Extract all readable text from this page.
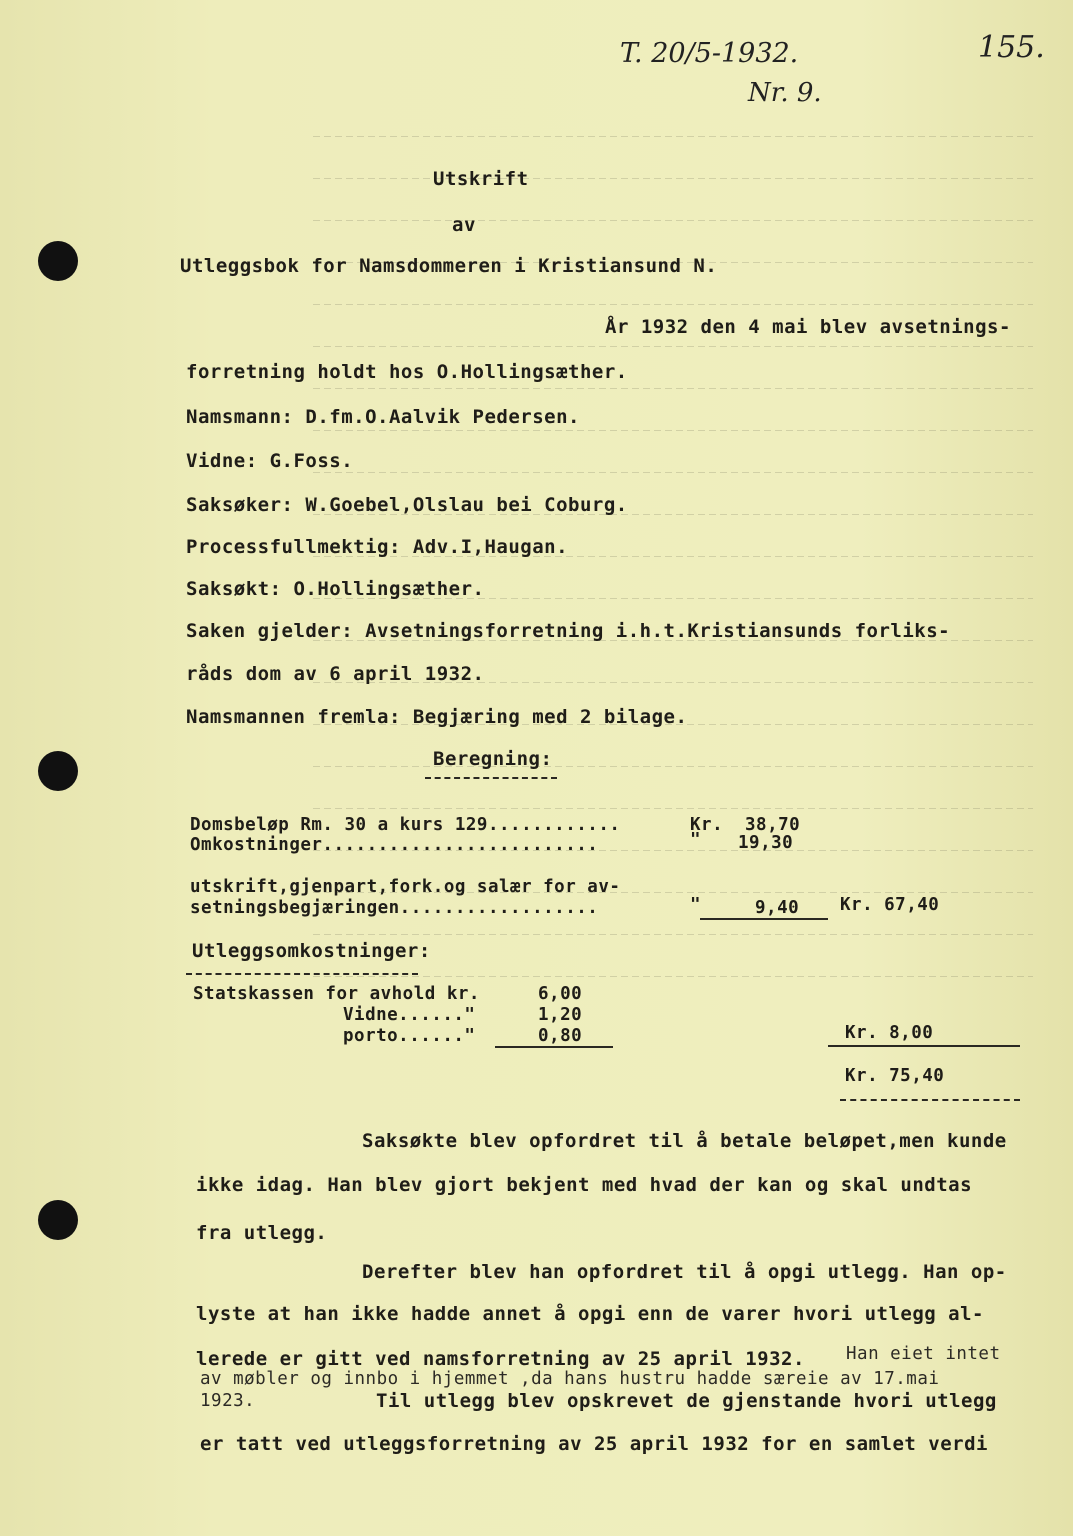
T. 20/5-1932.	155.
Nr. 9.
Utskrift
av
Utleggsbok for Namsdommeren i Kristiansund N.
År 1932 den 4 mai blev avsetnings-
forretning holdt hos O.Hollingsæther.
Namsmann: D.fm.O.Aalvik Pedersen.
Vidne: G.Foss.
Saksøker: W.Goebel,Olslau bei Coburg.
Processfullmektig: Adv.I,Haugan.
Saksøkt: O.Hollingsæther.
Saken gjelder: Avsetningsforretning i.h.t.Kristiansunds forliks-
råds dom av 6 april 1932.
Namsmannen fremla: Begjæring med 2 bilage.
Beregning:
Domsbeløp Rm. 30 a kurs 129............	Kr. 38,70
Omkostninger.........................	" 19,30
utskrift,gjenpart,fork.og salær for av-
setningsbegjæringen..................	"	9,40 Kr. 67,40
Utleggsomkostninger:
Statskassen for avhold kr.	6,00
Vidne......"	1,20
porto......"	0,80	Kr. 8,00
Kr. 75,40
Saksøkte blev opfordret til å betale beløpet,men kunde
ikke idag. Han blev gjort bekjent med hvad der kan og skal undtas
fra utlegg.
Derefter blev han opfordret til å opgi utlegg. Han op-
lyste at han ikke hadde annet å opgi enn de varer hvori utlegg al-
lerede er gitt ved namsforretning av 25 april 1932. Han eiet intet
av møbler og innbo i hjemmet ,da hans hustru hadde særeie av 17.mai
1923.	Til utlegg blev opskrevet de gjenstande hvori utlegg
er tatt ved utleggsforretning av 25 april 1932 for en samlet verdi
